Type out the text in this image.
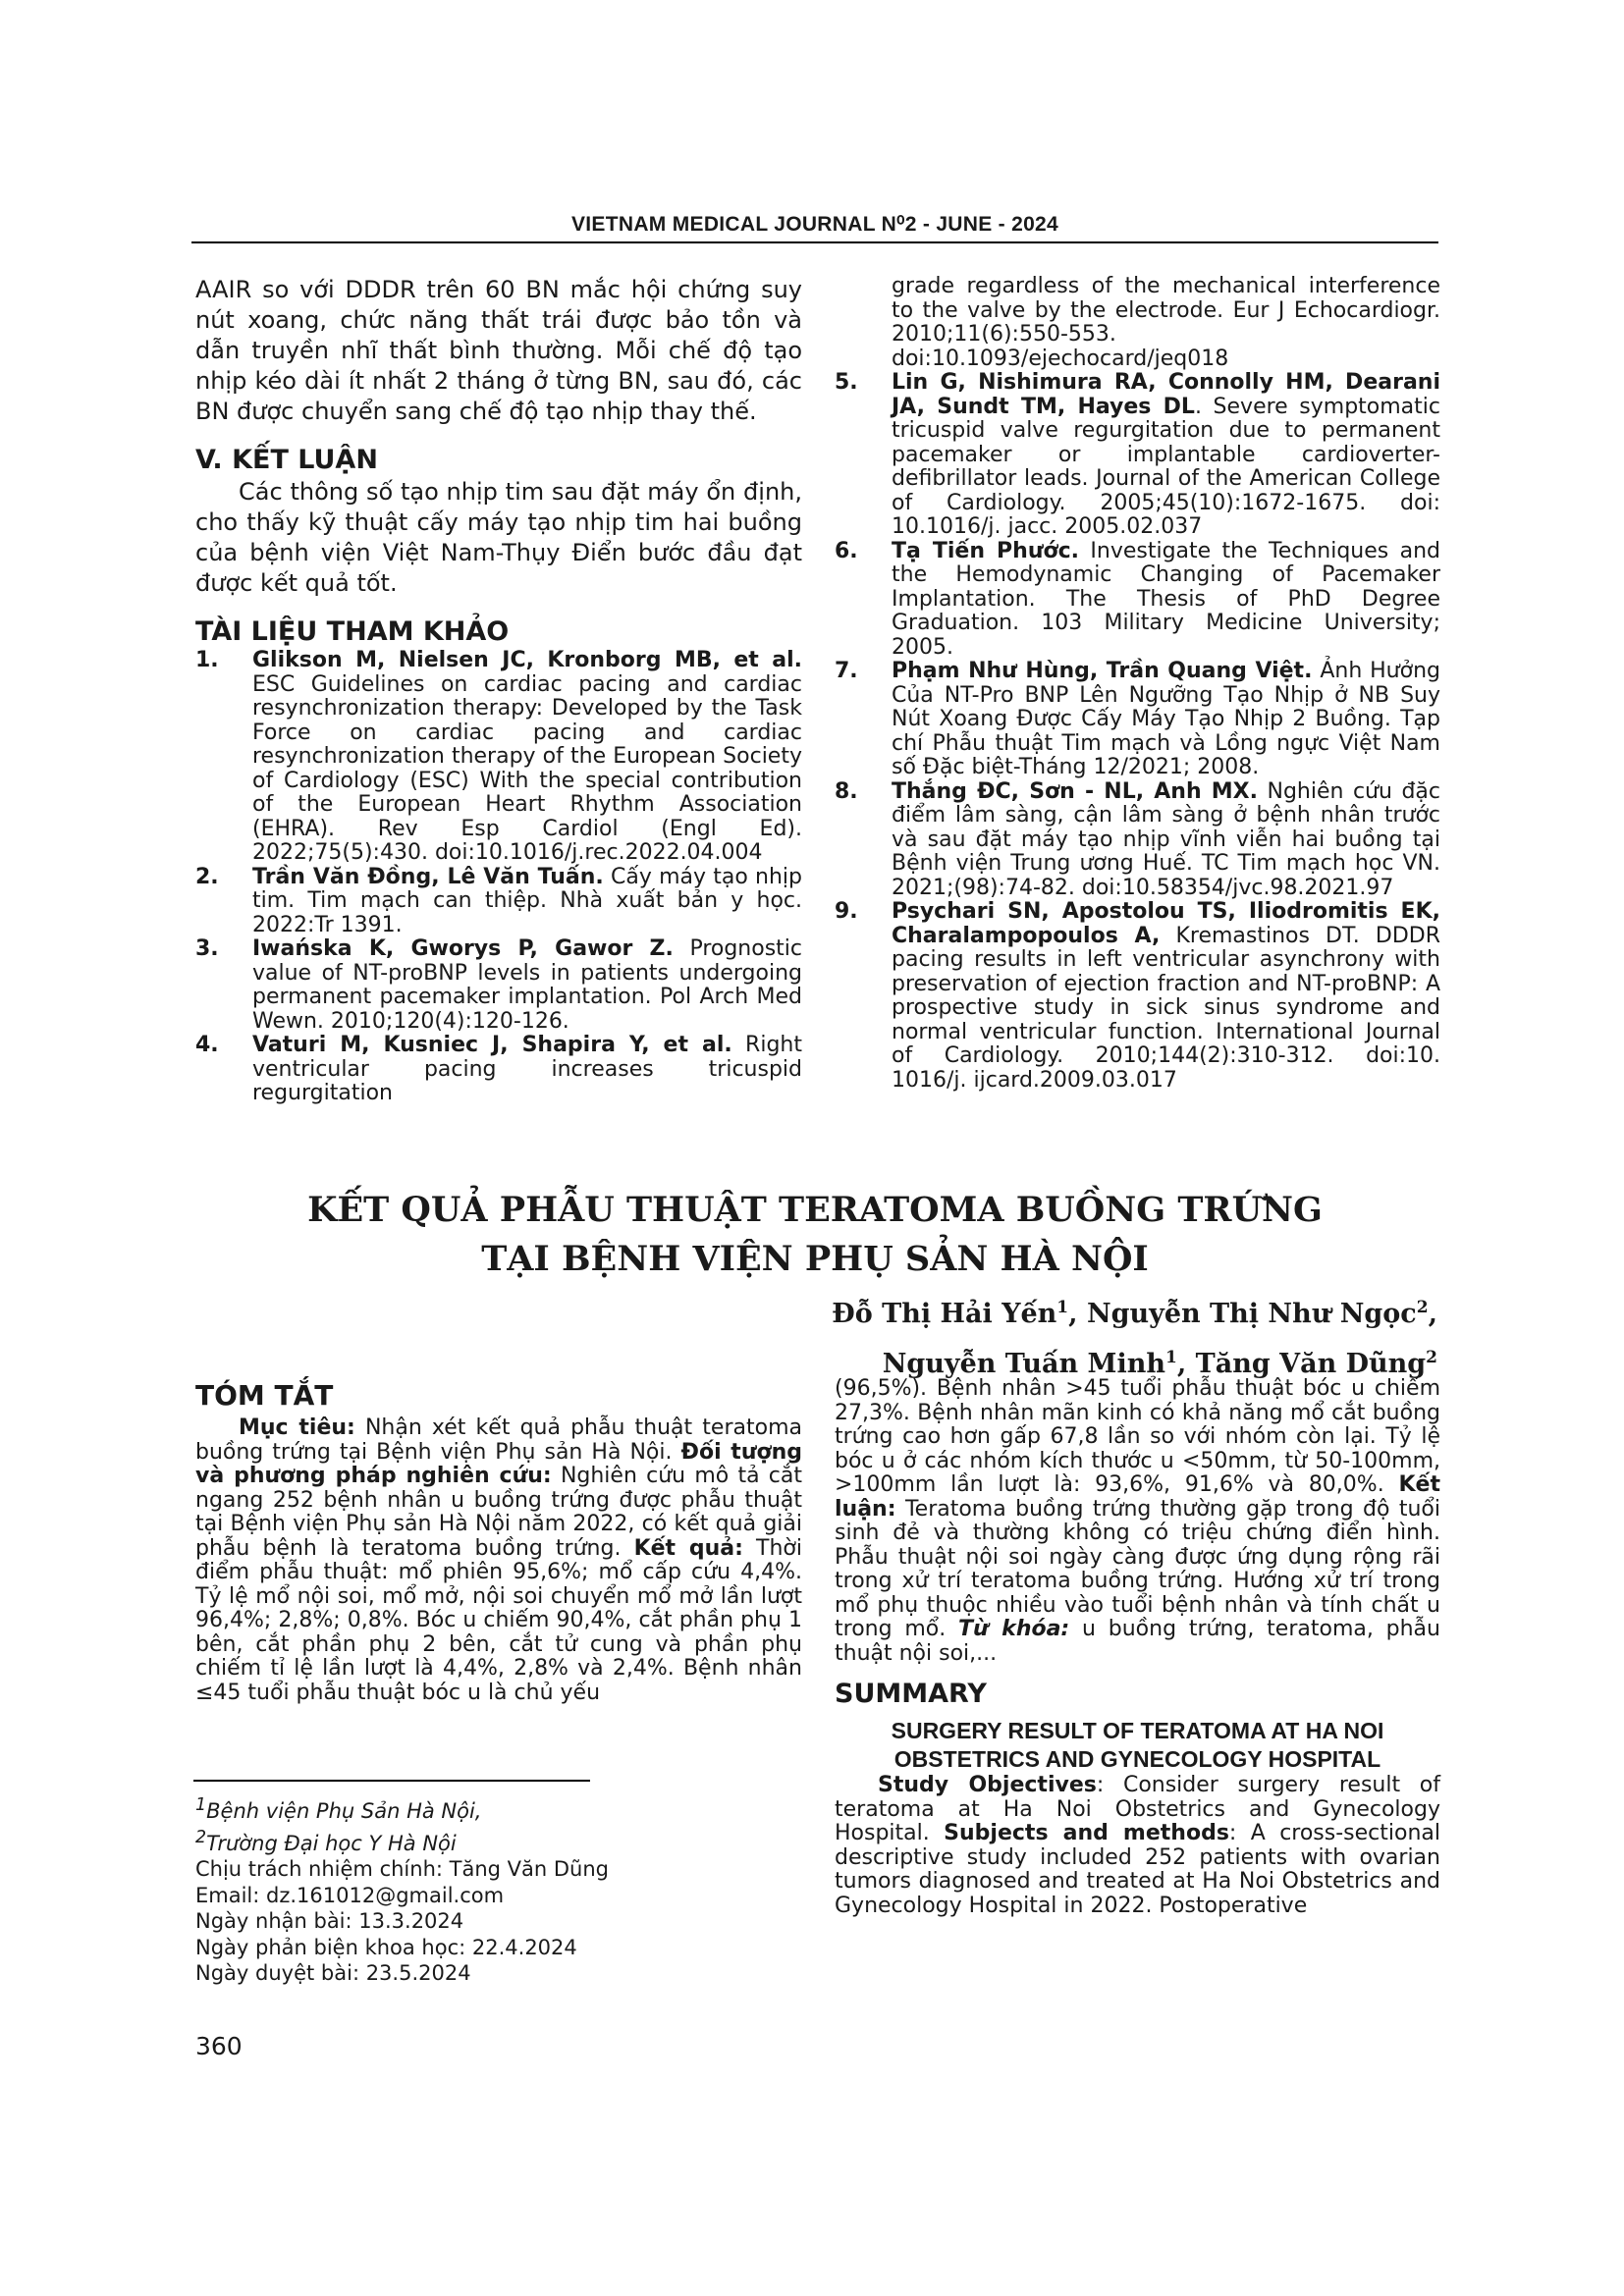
VIETNAM MEDICAL JOURNAL N⁰2 - JUNE - 2024

AAIR so với DDDR trên 60 BN mắc hội chứng suy nút xoang, chức năng thất trái được bảo tồn và dẫn truyền nhĩ thất bình thường. Mỗi chế độ tạo nhịp kéo dài ít nhất 2 tháng ở từng BN, sau đó, các BN được chuyển sang chế độ tạo nhịp thay thế.

V. KẾT LUẬN

Các thông số tạo nhịp tim sau đặt máy ổn định, cho thấy kỹ thuật cấy máy tạo nhịp tim hai buồng của bệnh viện Việt Nam-Thụy Điển bước đầu đạt được kết quả tốt.

TÀI LIỆU THAM KHẢO
1. Glikson M, Nielsen JC, Kronborg MB, et al. ESC Guidelines on cardiac pacing and cardiac resynchronization therapy: Developed by the Task Force on cardiac pacing and cardiac resynchronization therapy of the European Society of Cardiology (ESC) With the special contribution of the European Heart Rhythm Association (EHRA). Rev Esp Cardiol (Engl Ed). 2022;75(5):430. doi:10.1016/j.rec.2022.04.004
2. Trần Văn Đồng, Lê Văn Tuấn. Cấy máy tạo nhịp tim. Tim mạch can thiệp. Nhà xuất bản y học. 2022:Tr 1391.
3. Iwańska K, Gworys P, Gawor Z. Prognostic value of NT-proBNP levels in patients undergoing permanent pacemaker implantation. Pol Arch Med Wewn. 2010;120(4):120-126.
4. Vaturi M, Kusniec J, Shapira Y, et al. Right ventricular pacing increases tricuspid regurgitation

grade regardless of the mechanical interference to the valve by the electrode. Eur J Echocardiogr. 2010;11(6):550-553. doi:10.1093/ejechocard/jeq018

5. Lin G, Nishimura RA, Connolly HM, Dearani JA, Sundt TM, Hayes DL. Severe symptomatic tricuspid valve regurgitation due to permanent pacemaker or implantable cardioverter-defibrillator leads. Journal of the American College of Cardiology. 2005;45(10):1672-1675. doi: 10.1016/j. jacc. 2005.02.037
6. Tạ Tiến Phước. Investigate the Techniques and the Hemodynamic Changing of Pacemaker Implantation. The Thesis of PhD Degree Graduation. 103 Military Medicine University; 2005.
7. Phạm Như Hùng, Trần Quang Việt. Ảnh Hưởng Của NT-Pro BNP Lên Ngưỡng Tạo Nhịp ở NB Suy Nút Xoang Được Cấy Máy Tạo Nhịp 2 Buồng. Tạp chí Phẫu thuật Tim mạch và Lồng ngực Việt Nam số Đặc biệt-Tháng 12/2021; 2008.
8. Thắng ĐC, Sơn - NL, Anh MX. Nghiên cứu đặc điểm lâm sàng, cận lâm sàng ở bệnh nhân trước và sau đặt máy tạo nhịp vĩnh viễn hai buồng tại Bệnh viện Trung ương Huế. TC Tim mạch học VN. 2021;(98):74-82. doi:10.58354/jvc.98.2021.97
9. Psychari SN, Apostolou TS, Iliodromitis EK, Charalampopoulos A, Kremastinos DT. DDDR pacing results in left ventricular asynchrony with preservation of ejection fraction and NT-proBNP: A prospective study in sick sinus syndrome and normal ventricular function. International Journal of Cardiology. 2010;144(2):310-312. doi:10. 1016/j. ijcard.2009.03.017
KẾT QUẢ PHẪU THUẬT TERATOMA BUỒNG TRỨNG
TẠI BỆNH VIỆN PHỤ SẢN HÀ NỘI
Đỗ Thị Hải Yến$^1$, Nguyễn Thị Như Ngọc$^2$,
Nguyễn Tuấn Minh$^1$, Tăng Văn Dũng$^2$
TÓM TẮT

Mục tiêu: Nhận xét kết quả phẫu thuật teratoma buồng trứng tại Bệnh viện Phụ sản Hà Nội. Đối tượng và phương pháp nghiên cứu: Nghiên cứu mô tả cắt ngang 252 bệnh nhân u buồng trứng được phẫu thuật tại Bệnh viện Phụ sản Hà Nội năm 2022, có kết quả giải phẫu bệnh là teratoma buồng trứng. Kết quả: Thời điểm phẫu thuật: mổ phiên 95,6%; mổ cấp cứu 4,4%. Tỷ lệ mổ nội soi, mổ mở, nội soi chuyển mổ mở lần lượt 96,4%; 2,8%; 0,8%. Bóc u chiếm 90,4%, cắt phần phụ 1 bên, cắt phần phụ 2 bên, cắt tử cung và phần phụ chiếm tỉ lệ lần lượt là 4,4%, 2,8% và 2,4%. Bệnh nhân ≤45 tuổi phẫu thuật bóc u là chủ yếu

(96,5%). Bệnh nhân >45 tuổi phẫu thuật bóc u chiếm 27,3%. Bệnh nhân mãn kinh có khả năng mổ cắt buồng trứng cao hơn gấp 67,8 lần so với nhóm còn lại. Tỷ lệ bóc u ở các nhóm kích thước u <50mm, từ 50-100mm, >100mm lần lượt là: 93,6%, 91,6% và 80,0%. Kết luận: Teratoma buồng trứng thường gặp trong độ tuổi sinh đẻ và thường không có triệu chứng điển hình. Phẫu thuật nội soi ngày càng được ứng dụng rộng rãi trong xử trí teratoma buồng trứng. Hướng xử trí trong mổ phụ thuộc nhiều vào tuổi bệnh nhân và tính chất u trong mổ. Từ khóa: u buồng trứng, teratoma, phẫu thuật nội soi,...

SUMMARY
SURGERY RESULT OF TERATOMA AT HA NOI
OBSTETRICS AND GYNECOLOGY HOSPITAL

Study Objectives: Consider surgery result of teratoma at Ha Noi Obstetrics and Gynecology Hospital. Subjects and methods: A cross-sectional descriptive study included 252 patients with ovarian tumors diagnosed and treated at Ha Noi Obstetrics and Gynecology Hospital in 2022. Postoperative

$^1$Bệnh viện Phụ Sản Hà Nội,

$^2$Trường Đại học Y Hà Nội

Chịu trách nhiệm chính: Tăng Văn Dũng

Email: dz.161012@gmail.com

Ngày nhận bài: 13.3.2024

Ngày phản biện khoa học: 22.4.2024

Ngày duyệt bài: 23.5.2024

360
